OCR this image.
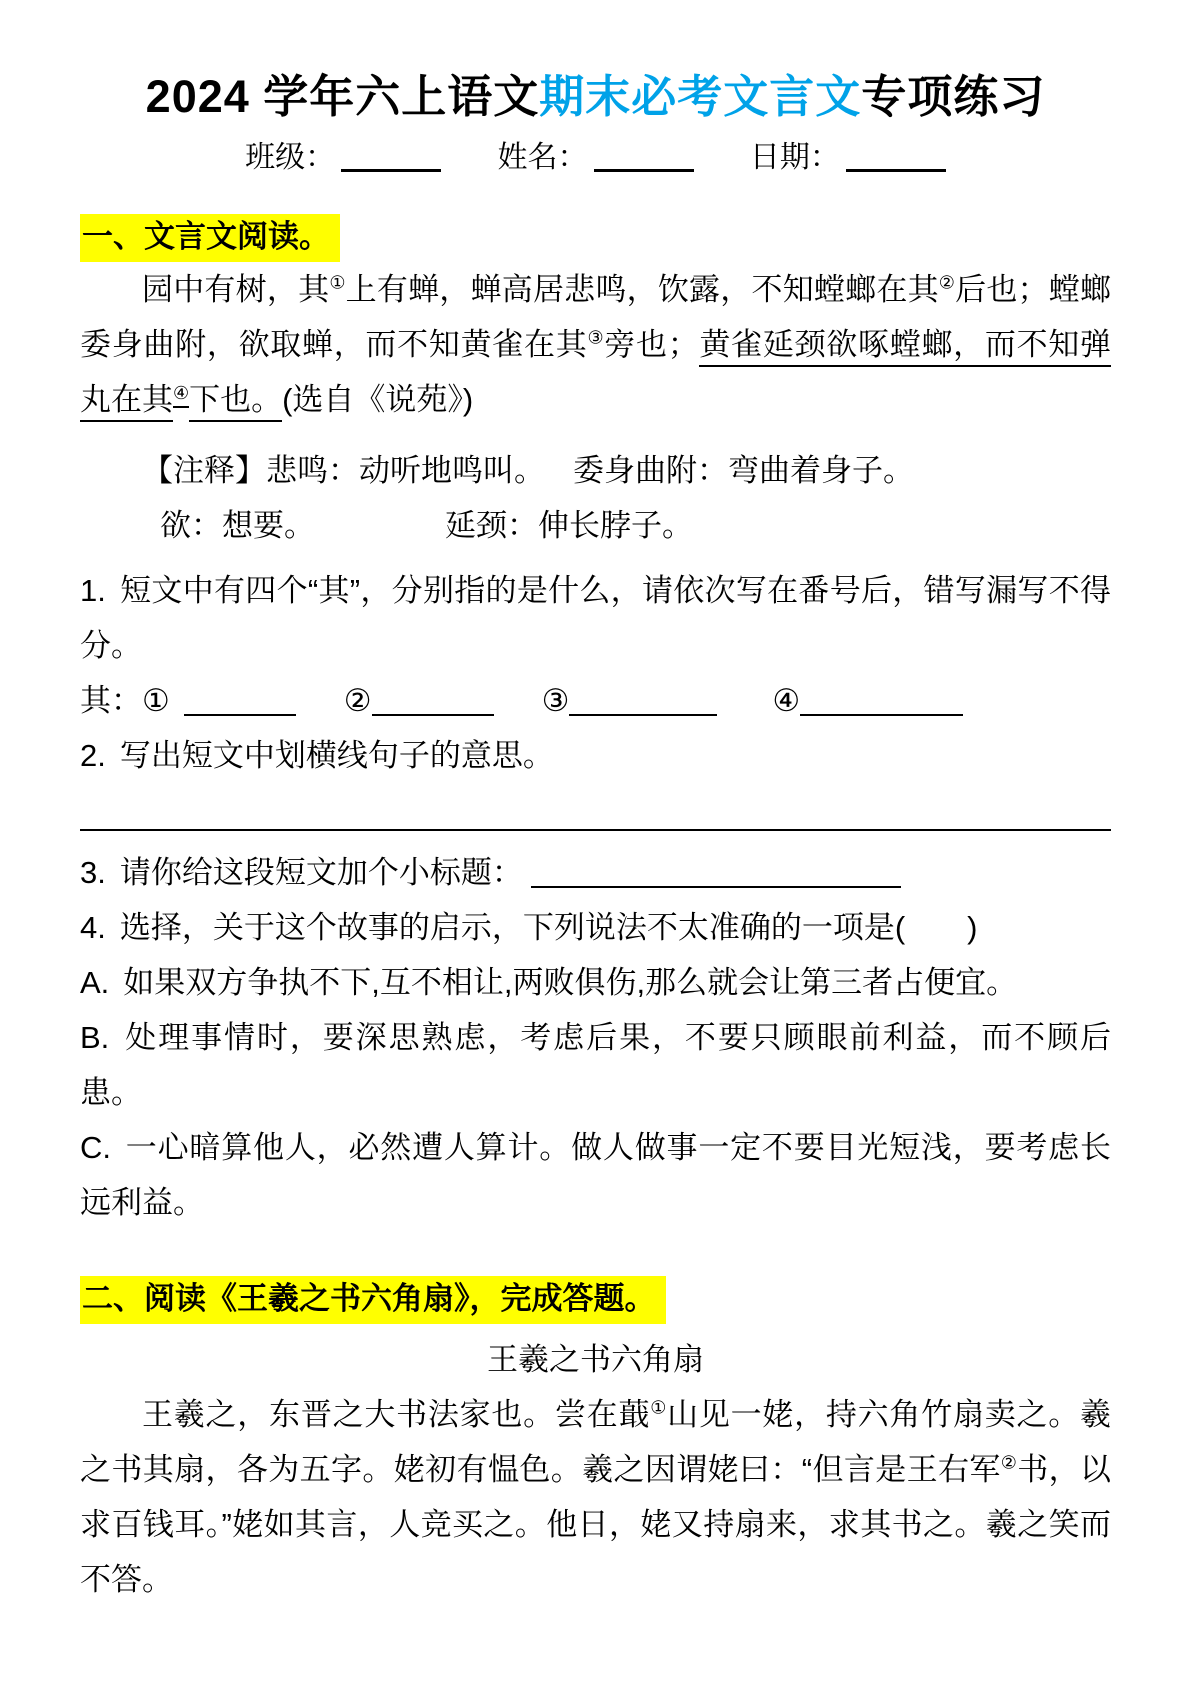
2024 学年六上语文期末必考文言文专项练习
班级：	姓名：	日期：
一、文言文阅读。

园中有树，其①上有蝉，蝉高居悲鸣，饮露，不知螳螂在其②后也；螳螂委身曲附，欲取蝉，而不知黄雀在其③旁也；黄雀延颈欲啄螳螂，而不知弹丸在其④下也。(选自《说苑》)

【注释】悲鸣：动听地鸣叫。 委身曲附：弯曲着身子。
欲：想要。	延颈：伸长脖子。

1. 短文中有四个“其”，分别指的是什么，请依次写在番号后，错写漏写不得分。

其：①	②	③	④

2. 写出短文中划横线句子的意思。

3. 请你给这段短文加个小标题：

4. 选择，关于这个故事的启示，下列说法不太准确的一项是(　　)

A. 如果双方争执不下,互不相让,两败俱伤,那么就会让第三者占便宜。

B. 处理事情时，要深思熟虑，考虑后果，不要只顾眼前利益，而不顾后患。

C. 一心暗算他人，必然遭人算计。做人做事一定不要目光短浅，要考虑长远利益。

二、阅读《王羲之书六角扇》，完成答题。
王羲之书六角扇

王羲之，东晋之大书法家也。尝在蕺①山见一姥，持六角竹扇卖之。羲之书其扇，各为五字。姥初有愠色。羲之因谓姥曰：“但言是王右军②书，以求百钱耳。”姥如其言，人竞买之。他日，姥又持扇来，求其书之。羲之笑而不答。
